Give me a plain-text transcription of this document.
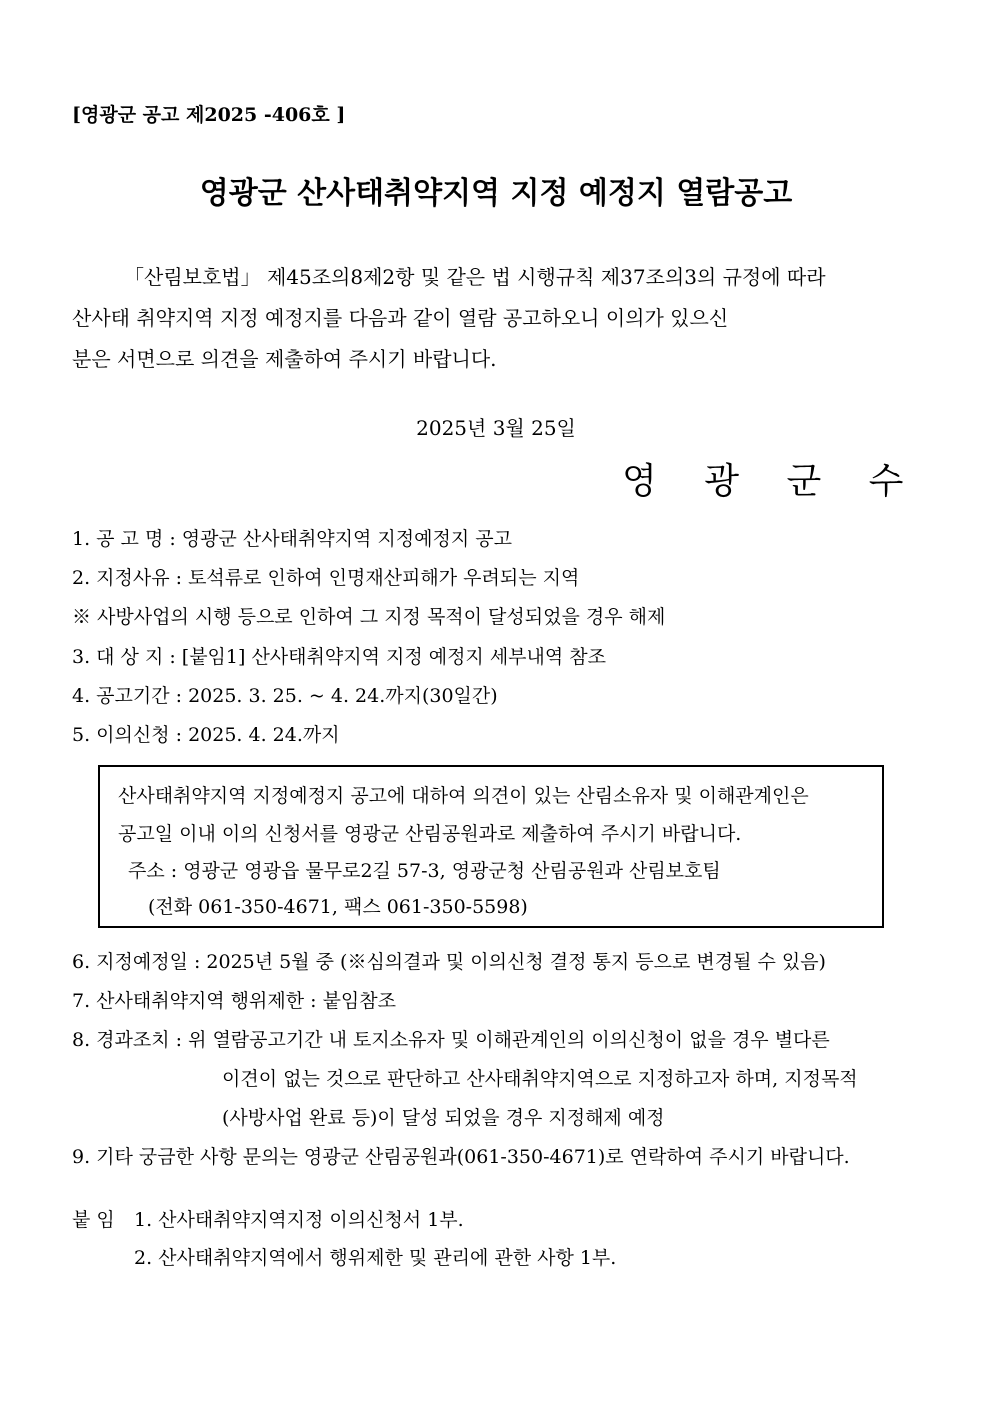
[영광군 공고 제2025 -406호 ]
영광군 산사태취약지역 지정 예정지 열람공고

「산림보호법」 제45조의8제2항 및 같은 법 시행규칙 제37조의3의 규정에 따라

산사태 취약지역 지정 예정지를 다음과 같이 열람 공고하오니 이의가 있으신

분은 서면으로 의견을 제출하여 주시기 바랍니다.

2025년 3월 25일
영 광 군 수
1. 공 고 명 : 영광군 산사태취약지역 지정예정지 공고
2. 지정사유 : 토석류로 인하여 인명재산피해가 우려되는 지역
※ 사방사업의 시행 등으로 인하여 그 지정 목적이 달성되었을 경우 해제
3. 대 상 지 : [붙임1] 산사태취약지역 지정 예정지 세부내역 참조
4. 공고기간 : 2025. 3. 25. ~ 4. 24.까지(30일간)
5. 이의신청 : 2025. 4. 24.까지
산사태취약지역 지정예정지 공고에 대하여 의견이 있는 산림소유자 및 이해관계인은
공고일 이내 이의 신청서를 영광군 산림공원과로 제출하여 주시기 바랍니다.
주소 : 영광군 영광읍 물무로2길 57-3, 영광군청 산림공원과 산림보호팀
(전화 061-350-4671, 팩스 061-350-5598)
6. 지정예정일 : 2025년 5월 중 (※심의결과 및 이의신청 결정 통지 등으로 변경될 수 있음)
7. 산사태취약지역 행위제한 : 붙임참조
8. 경과조치 : 위 열람공고기간 내 토지소유자 및 이해관계인의 이의신청이 없을 경우 별다른
이견이 없는 것으로 판단하고 산사태취약지역으로 지정하고자 하며, 지정목적
(사방사업 완료 등)이 달성 되었을 경우 지정해제 예정
9. 기타 궁금한 사항 문의는 영광군 산림공원과(061-350-4671)로 연락하여 주시기 바랍니다.
붙 임 1. 산사태취약지역지정 이의신청서 1부.
2. 산사태취약지역에서 행위제한 및 관리에 관한 사항 1부.
